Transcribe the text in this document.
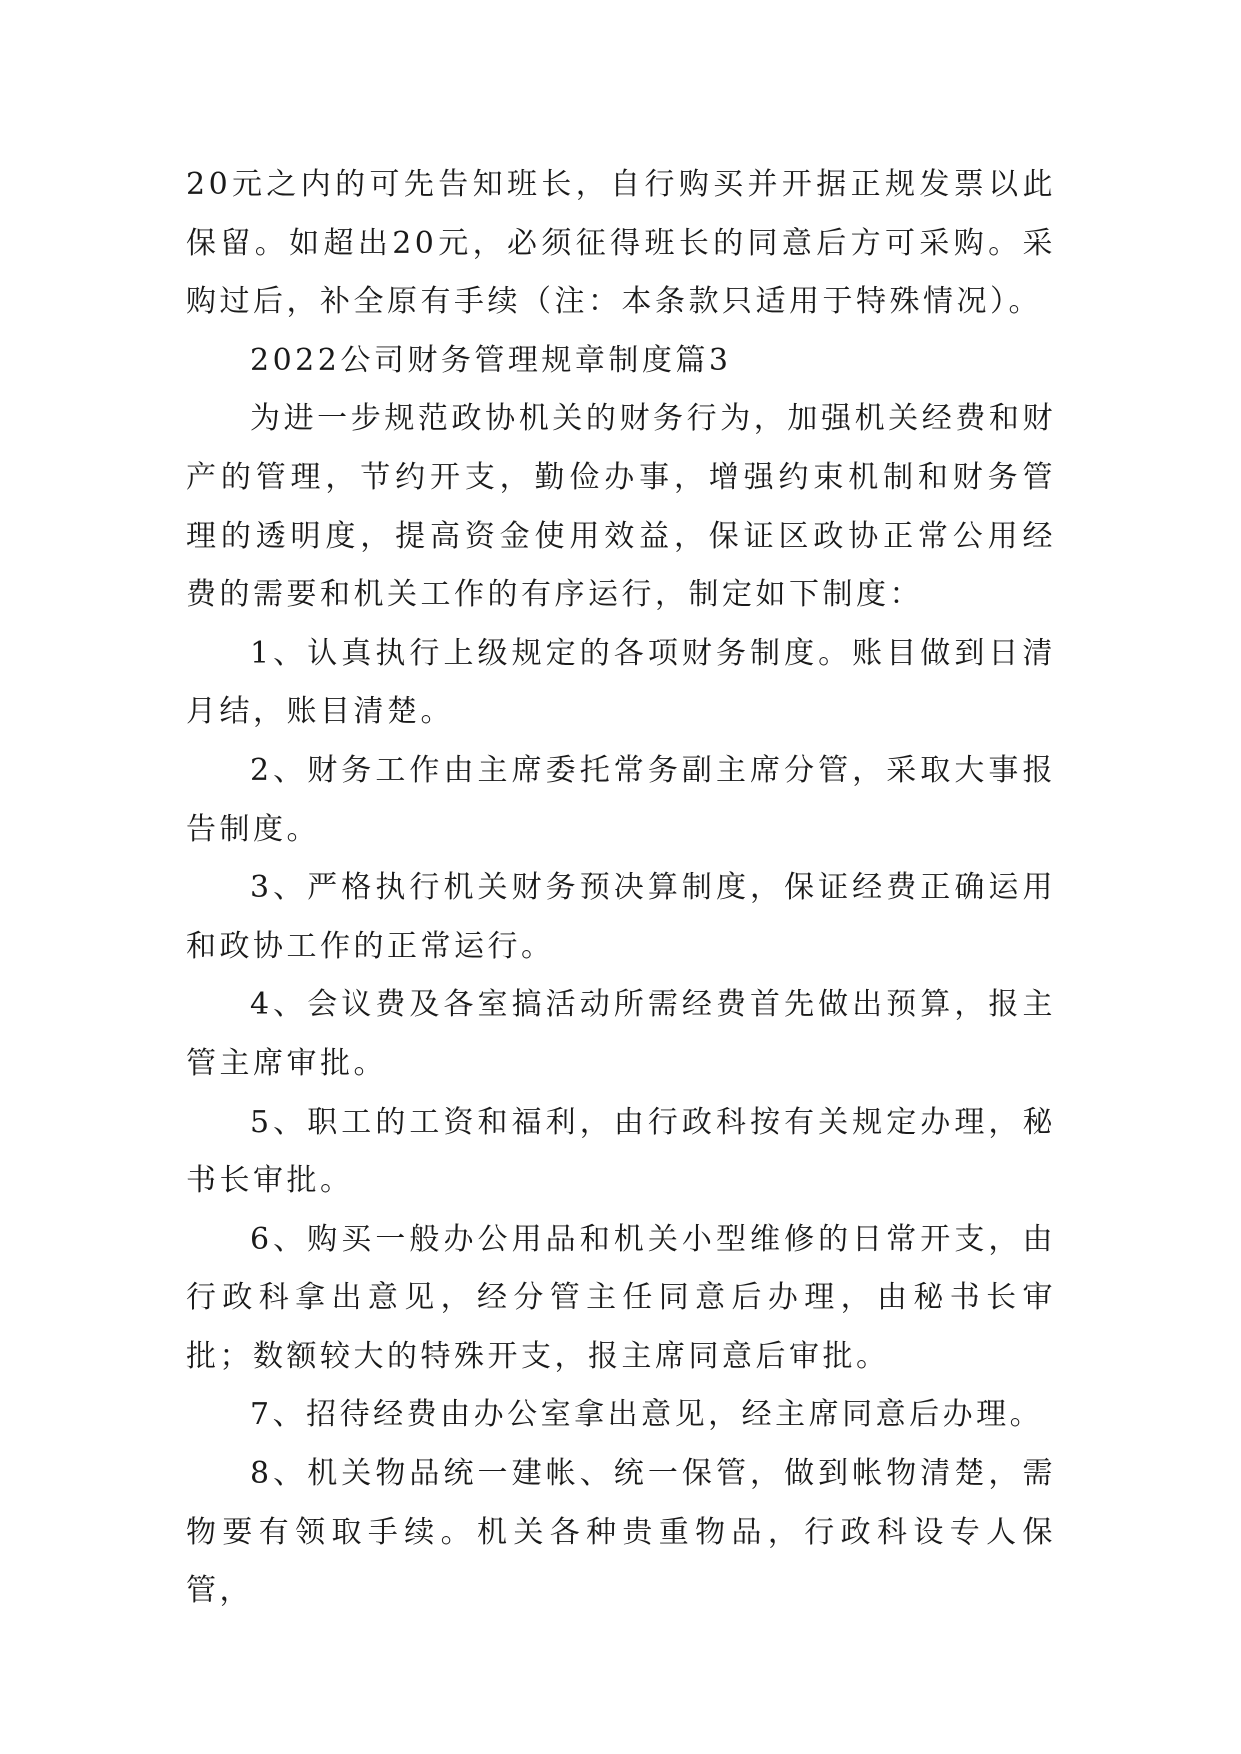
20元之内的可先告知班长，自行购买并开据正规发票以此保留。如超出20元，必须征得班长的同意后方可采购。采购过后，补全原有手续（注：本条款只适用于特殊情况）。

2022公司财务管理规章制度篇3

为进一步规范政协机关的财务行为，加强机关经费和财产的管理，节约开支，勤俭办事，增强约束机制和财务管理的透明度，提高资金使用效益，保证区政协正常公用经费的需要和机关工作的有序运行，制定如下制度：

1、认真执行上级规定的各项财务制度。账目做到日清月结，账目清楚。

2、财务工作由主席委托常务副主席分管，采取大事报告制度。

3、严格执行机关财务预决算制度，保证经费正确运用和政协工作的正常运行。

4、会议费及各室搞活动所需经费首先做出预算，报主管主席审批。

5、职工的工资和福利，由行政科按有关规定办理，秘书长审批。

6、购买一般办公用品和机关小型维修的日常开支，由行政科拿出意见，经分管主任同意后办理，由秘书长审批；数额较大的特殊开支，报主席同意后审批。

7、招待经费由办公室拿出意见，经主席同意后办理。

8、机关物品统一建帐、统一保管，做到帐物清楚，需物要有领取手续。机关各种贵重物品，行政科设专人保管，
